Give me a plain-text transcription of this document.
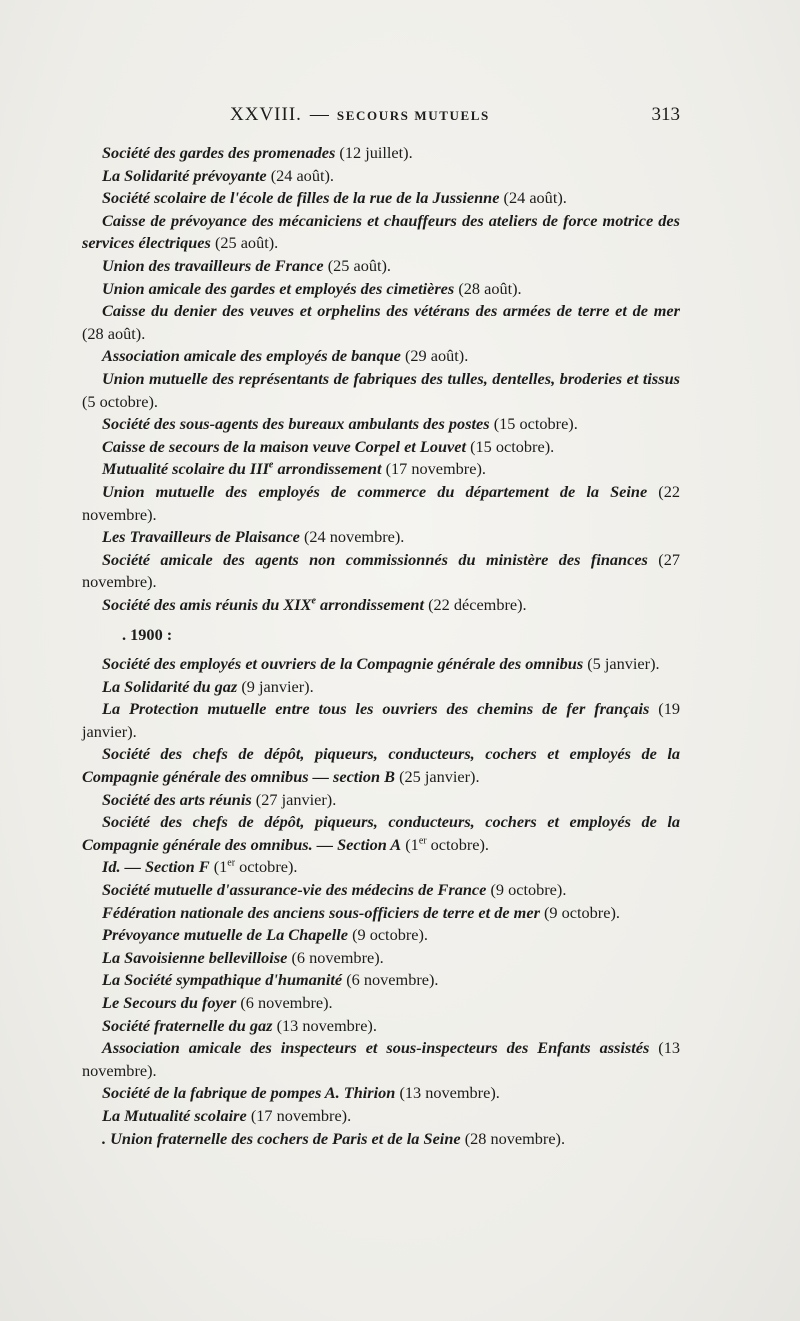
XXVIII. — SECOURS MUTUELS	313

Société des gardes des promenades (12 juillet).

La Solidarité prévoyante (24 août).

Société scolaire de l'école de filles de la rue de la Jussienne (24 août).

Caisse de prévoyance des mécaniciens et chauffeurs des ateliers de force motrice des services électriques (25 août).

Union des travailleurs de France (25 août).

Union amicale des gardes et employés des cimetières (28 août).

Caisse du denier des veuves et orphelins des vétérans des armées de terre et de mer (28 août).

Association amicale des employés de banque (29 août).

Union mutuelle des représentants de fabriques des tulles, dentelles, broderies et tissus (5 octobre).

Société des sous-agents des bureaux ambulants des postes (15 octobre).

Caisse de secours de la maison veuve Corpel et Louvet (15 octobre).

Mutualité scolaire du IIIe arrondissement (17 novembre).

Union mutuelle des employés de commerce du département de la Seine (22 novembre).

Les Travailleurs de Plaisance (24 novembre).

Société amicale des agents non commissionnés du ministère des finances (27 novembre).

Société des amis réunis du XIXe arrondissement (22 décembre).

. 1900 :

Société des employés et ouvriers de la Compagnie générale des omnibus (5 janvier).

La Solidarité du gaz (9 janvier).

La Protection mutuelle entre tous les ouvriers des chemins de fer français (19 janvier).

Société des chefs de dépôt, piqueurs, conducteurs, cochers et employés de la Compagnie générale des omnibus — section B (25 janvier).

Société des arts réunis (27 janvier).

Société des chefs de dépôt, piqueurs, conducteurs, cochers et employés de la Compagnie générale des omnibus. — Section A (1er octobre).

Id. — Section F (1er octobre).

Société mutuelle d'assurance-vie des médecins de France (9 octobre).

Fédération nationale des anciens sous-officiers de terre et de mer (9 octobre).

Prévoyance mutuelle de La Chapelle (9 octobre).

La Savoisienne bellevilloise (6 novembre).

La Société sympathique d'humanité (6 novembre).

Le Secours du foyer (6 novembre).

Société fraternelle du gaz (13 novembre).

Association amicale des inspecteurs et sous-inspecteurs des Enfants assistés (13 novembre).

Société de la fabrique de pompes A. Thirion (13 novembre).

La Mutualité scolaire (17 novembre).

. Union fraternelle des cochers de Paris et de la Seine (28 novembre).
